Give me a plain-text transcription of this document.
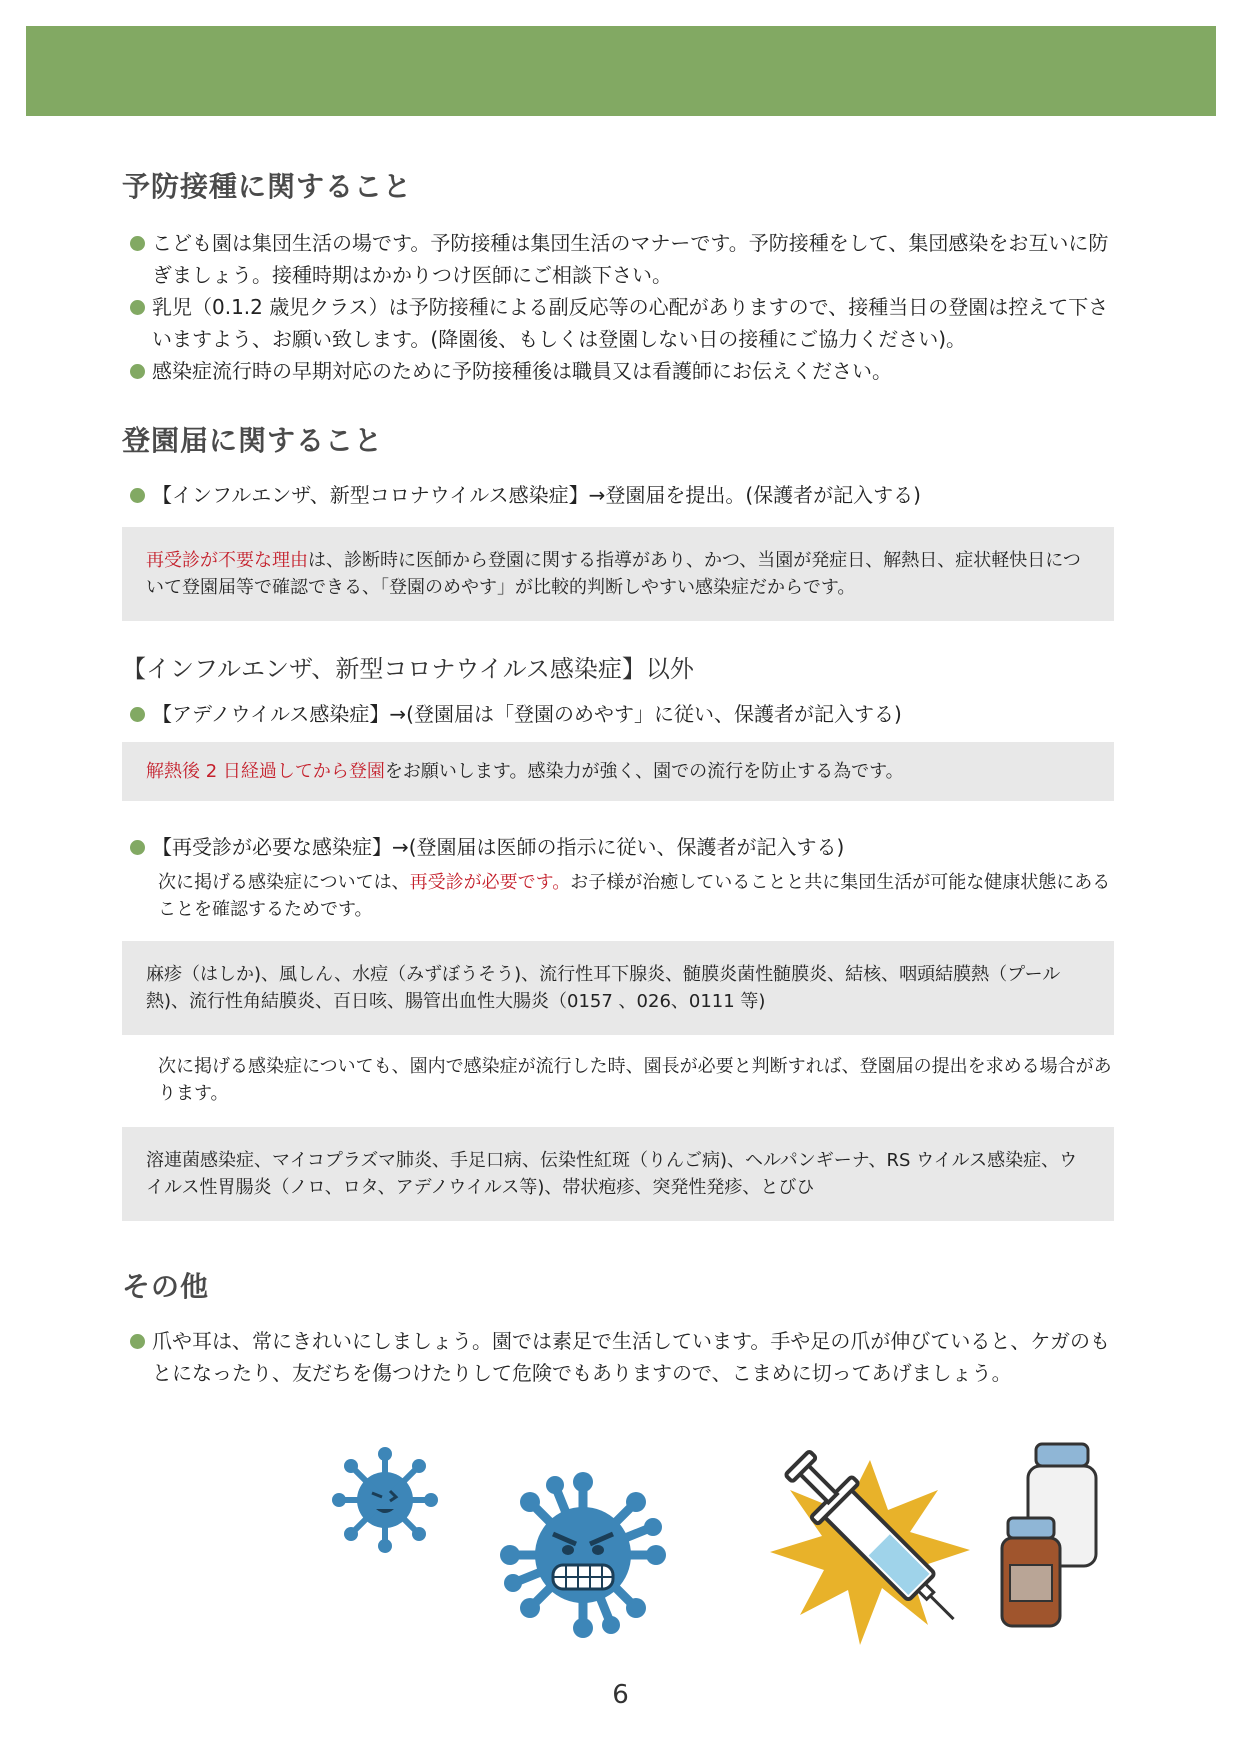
予防接種に関すること
こども園は集団生活の場です。予防接種は集団生活のマナーです。予防接種をして、集団感染をお互いに防ぎましょう。接種時期はかかりつけ医師にご相談下さい。
乳児（0.1.2 歳児クラス）は予防接種による副反応等の心配がありますので、接種当日の登園は控えて下さいますよう、お願い致します。(降園後、もしくは登園しない日の接種にご協力ください)。
感染症流行時の早期対応のために予防接種後は職員又は看護師にお伝えください。
登園届に関すること
【インフルエンザ、新型コロナウイルス感染症】→登園届を提出。(保護者が記入する)
再受診が不要な理由は、診断時に医師から登園に関する指導があり、かつ、当園が発症日、解熱日、症状軽快日について登園届等で確認できる、「登園のめやす」が比較的判断しやすい感染症だからです。
【インフルエンザ、新型コロナウイルス感染症】以外
【アデノウイルス感染症】→(登園届は「登園のめやす」に従い、保護者が記入する)
解熱後 2 日経過してから登園をお願いします。感染力が強く、園での流行を防止する為です。
【再受診が必要な感染症】→(登園届は医師の指示に従い、保護者が記入する)
次に掲げる感染症については、再受診が必要です。お子様が治癒していることと共に集団生活が可能な健康状態にあることを確認するためです。
麻疹（はしか)、風しん、水痘（みずぼうそう)、流行性耳下腺炎、髄膜炎菌性髄膜炎、結核、咽頭結膜熱（プール熱)、流行性角結膜炎、百日咳、腸管出血性大腸炎（0157 、026、0111 等)
次に掲げる感染症についても、園内で感染症が流行した時、園長が必要と判断すれば、登園届の提出を求める場合があります。
溶連菌感染症、マイコプラズマ肺炎、手足口病、伝染性紅斑（りんご病)、ヘルパンギーナ、RS ウイルス感染症、ウイルス性胃腸炎（ノロ、ロタ、アデノウイルス等)、帯状疱疹、突発性発疹、とびひ
その他
爪や耳は、常にきれいにしましょう。園では素足で生活しています。手や足の爪が伸びていると、ケガのもとになったり、友だちを傷つけたりして危険でもありますので、こまめに切ってあげましょう。
6
